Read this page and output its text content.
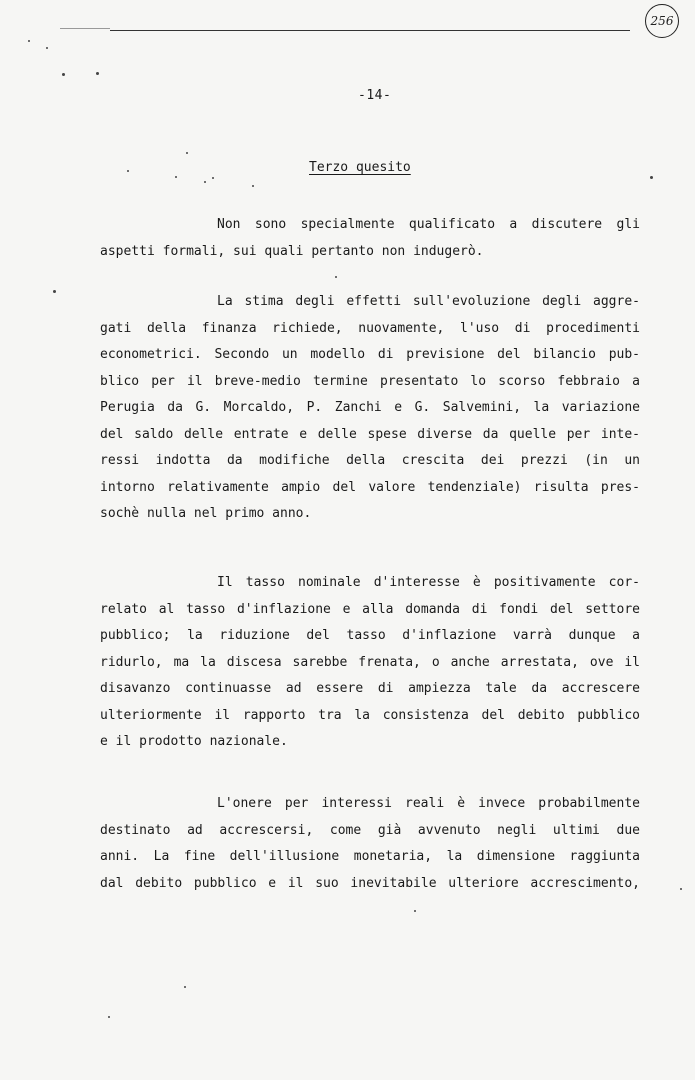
256
-14-
Terzo quesito
Non sono specialmente qualificato a discutere gli
aspetti formali, sui quali pertanto non indugerò.
La stima degli effetti sull'evoluzione degli aggre-
gati della finanza richiede, nuovamente, l'uso di procedimenti
econometrici. Secondo un modello di previsione del bilancio pub-
blico per il breve-medio termine presentato lo scorso febbraio a
Perugia da G. Morcaldo, P. Zanchi e G. Salvemini, la variazione
del saldo delle entrate e delle spese diverse da quelle per inte-
ressi indotta da modifiche della crescita dei prezzi (in un
intorno relativamente ampio del valore tendenziale) risulta pres-
sochè nulla nel primo anno.
Il tasso nominale d'interesse è positivamente cor-
relato al tasso d'inflazione e alla domanda di fondi del settore
pubblico; la riduzione del tasso d'inflazione varrà dunque a
ridurlo, ma la discesa sarebbe frenata, o anche arrestata, ove il
disavanzo continuasse ad essere di ampiezza tale da accrescere
ulteriormente il rapporto tra la consistenza del debito pubblico
e il prodotto nazionale.
L'onere per interessi reali è invece probabilmente
destinato ad accrescersi, come già avvenuto negli ultimi due
anni. La fine dell'illusione monetaria, la dimensione raggiunta
dal debito pubblico e il suo inevitabile ulteriore accrescimento,
